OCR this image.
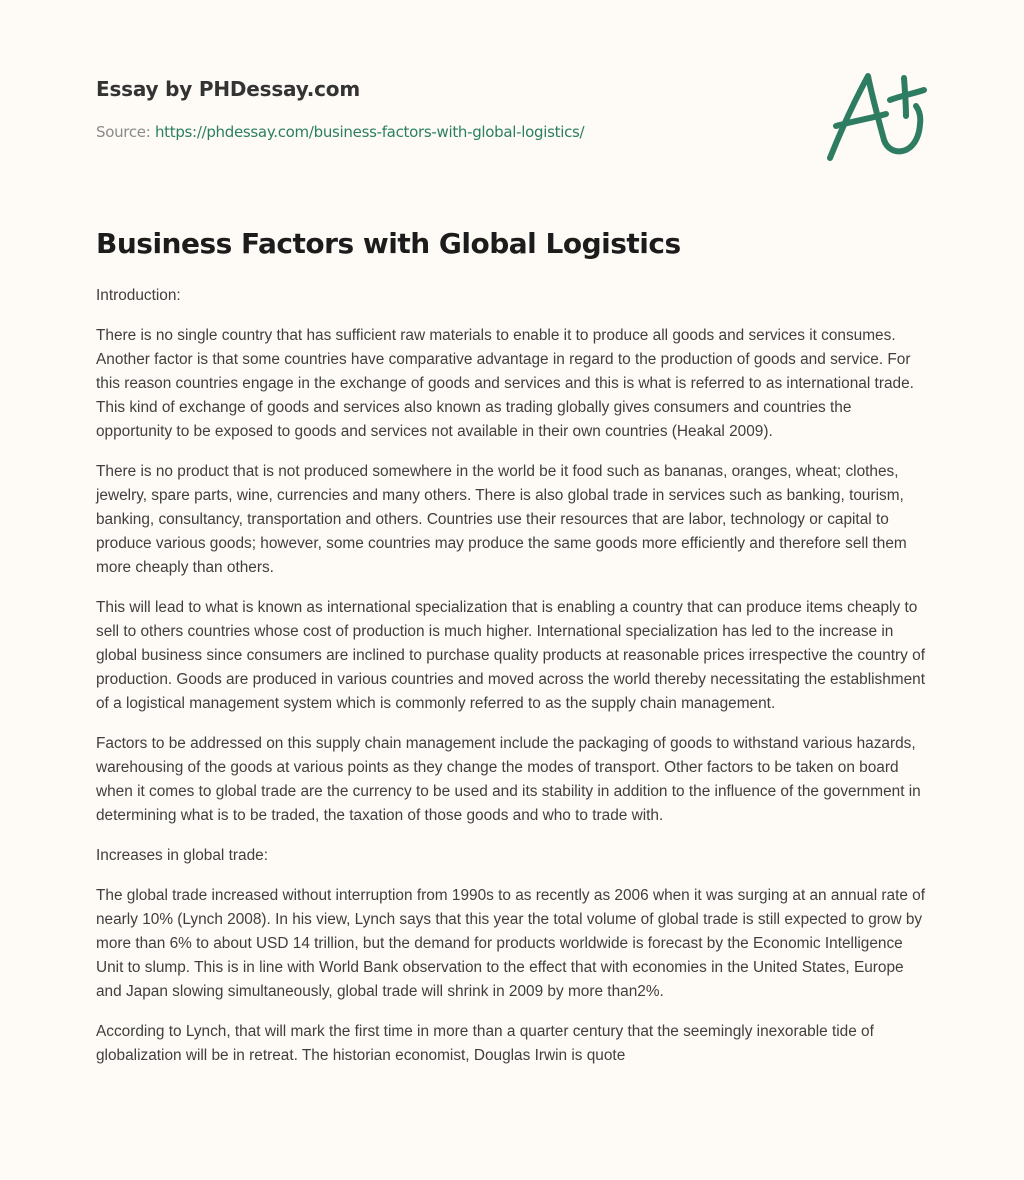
Essay by PHDessay.com
Source: https://phdessay.com/business-factors-with-global-logistics/
Business Factors with Global Logistics

Introduction:

There is no single country that has sufficient raw materials to enable it to produce all goods and services it consumes. Another factor is that some countries have comparative advantage in regard to the production of goods and service. For this reason countries engage in the exchange of goods and services and this is what is referred to as international trade. This kind of exchange of goods and services also known as trading globally gives consumers and countries the opportunity to be exposed to goods and services not available in their own countries (Heakal 2009).

There is no product that is not produced somewhere in the world be it food such as bananas, oranges, wheat; clothes, jewelry, spare parts, wine, currencies and many others. There is also global trade in services such as banking, tourism, banking, consultancy, transportation and others. Countries use their resources that are labor, technology or capital to produce various goods; however, some countries may produce the same goods more efficiently and therefore sell them more cheaply than others.

This will lead to what is known as international specialization that is enabling a country that can produce items cheaply to sell to others countries whose cost of production is much higher. International specialization has led to the increase in global business since consumers are inclined to purchase quality products at reasonable prices irrespective the country of production. Goods are produced in various countries and moved across the world thereby necessitating the establishment of a logistical management system which is commonly referred to as the supply chain management.

Factors to be addressed on this supply chain management include the packaging of goods to withstand various hazards, warehousing of the goods at various points as they change the modes of transport. Other factors to be taken on board when it comes to global trade are the currency to be used and its stability in addition to the influence of the government in determining what is to be traded, the taxation of those goods and who to trade with.

Increases in global trade:

The global trade increased without interruption from 1990s to as recently as 2006 when it was surging at an annual rate of nearly 10% (Lynch 2008). In his view, Lynch says that this year the total volume of global trade is still expected to grow by more than 6% to about USD 14 trillion, but the demand for products worldwide is forecast by the Economic Intelligence Unit to slump. This is in line with World Bank observation to the effect that with economies in the United States, Europe and Japan slowing simultaneously, global trade will shrink in 2009 by more than2%.

According to Lynch, that will mark the first time in more than a quarter century that the seemingly inexorable tide of globalization will be in retreat. The historian economist, Douglas Irwin is quote
